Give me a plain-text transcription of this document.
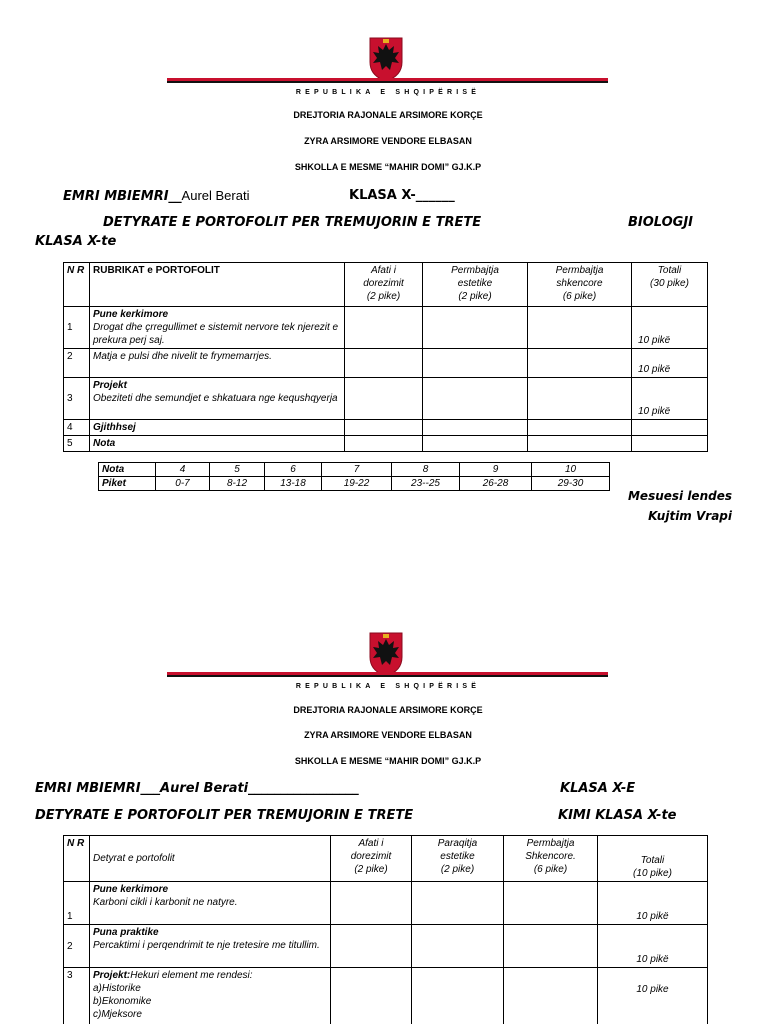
REPUBLIKA E SHQIPËRISË
DREJTORIA RAJONALE ARSIMORE KORÇE
ZYRA ARSIMORE VENDORE ELBASAN
SHKOLLA E MESME “MAHIR DOMI” GJ.K.P
EMRI MBIEMRI__Aurel Berati	KLASA X-______
DETYRATE E PORTOFOLIT PER TREMUJORIN E TRETE	BIOLOGJI
KLASA X-te
N R	RUBRIKAT e PORTOFOLIT	Afati i
dorezimit
(2 pike)	Permbajtja
estetike
(2 pike)	Permbajtja
shkencore
(6 pike)	Totali
(30 pike)
1	Pune kerkimore
Drogat dhe çrregullimet e sistemit nervore tek njerezit e prekura perj saj.				10 pikë

2	Matja e pulsi dhe nivelit te frymemarrjes.				10 pikë

3	Projekt
Obeziteti dhe semundjet e shkatuara nge kequshqyerja				10 pikë

4	Gjithhsej				
5	Nota				
Nota	4	5	6	7	8	9	10
Piket	0-7	8-12	13-18	19-22	23--25	26-28	29-30
Mesuesi lendes
Kujtim Vrapi
REPUBLIKA E SHQIPËRISË
DREJTORIA RAJONALE ARSIMORE KORÇE
ZYRA ARSIMORE VENDORE ELBASAN
SHKOLLA E MESME “MAHIR DOMI” GJ.K.P
EMRI MBIEMRI___Aurel Berati_________________	KLASA X-E
DETYRATE E PORTOFOLIT PER TREMUJORIN E TRETE	KIMI KLASA X-te
N R	Detyrat e portofolit	Afati i
dorezimit
(2 pike)	Paraqitja
estetike
(2 pike)	Permbajtja
Shkencore.
(6 pike)	Totali
(10 pike)
1	Pune kerkimore
Karboni cikli i karbonit ne natyre.				10 pikë
2	Puna praktike
Percaktimi i perqendrimit te nje tretesire me titullim.				10 pikë
3	Projekt:Hekuri element me rendesi:
a)Historike
b)Ekonomike
c)Mjeksore				10 pike
